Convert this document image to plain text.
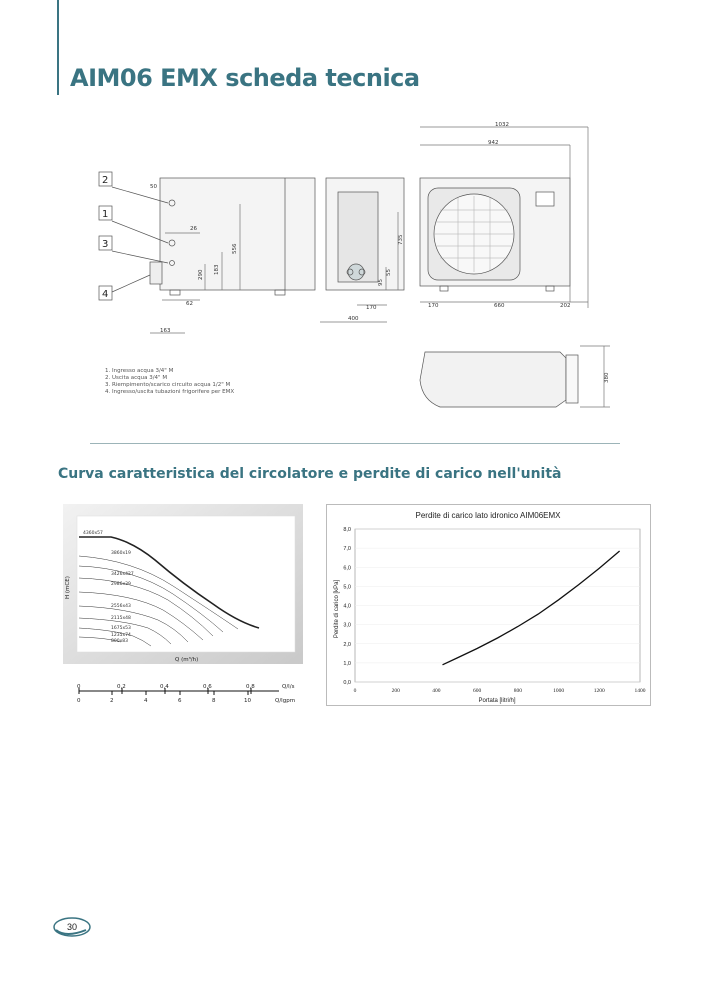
AIM06 EMX scheda tecnica
2
1
3
4
50
26
556
183
290
62
163
735
95
55
170
400
1032
942
170	660	202
380
1. Ingresso acqua 3/4" M
2. Uscita acqua 3/4" M
3. Riempimento/scarico circuito acqua 1/2" M
4. Ingresso/uscita tubazioni frigorifere per EMX
Curva caratteristica del circolatore e perdite di carico nell'unità
H (mCE)
Q (m³/h)
4360x57
3860x19
3426x427
2986x39
2556x43
2115x48
1675x53
1235x74
800x83
0	0,2	0,4	0,6	0,8	Q/l/s
0	2	4	6	8	10	Q/lgpm
Perdite di carico lato idronico AIM06EMX
Perdite di carico [kPa]
Portata [litri/h]
0,0
1,0
2,0
3,0
4,0
5,0
6,0
7,0
8,0
0	200	400	600	800	1000	1200	1400
30
